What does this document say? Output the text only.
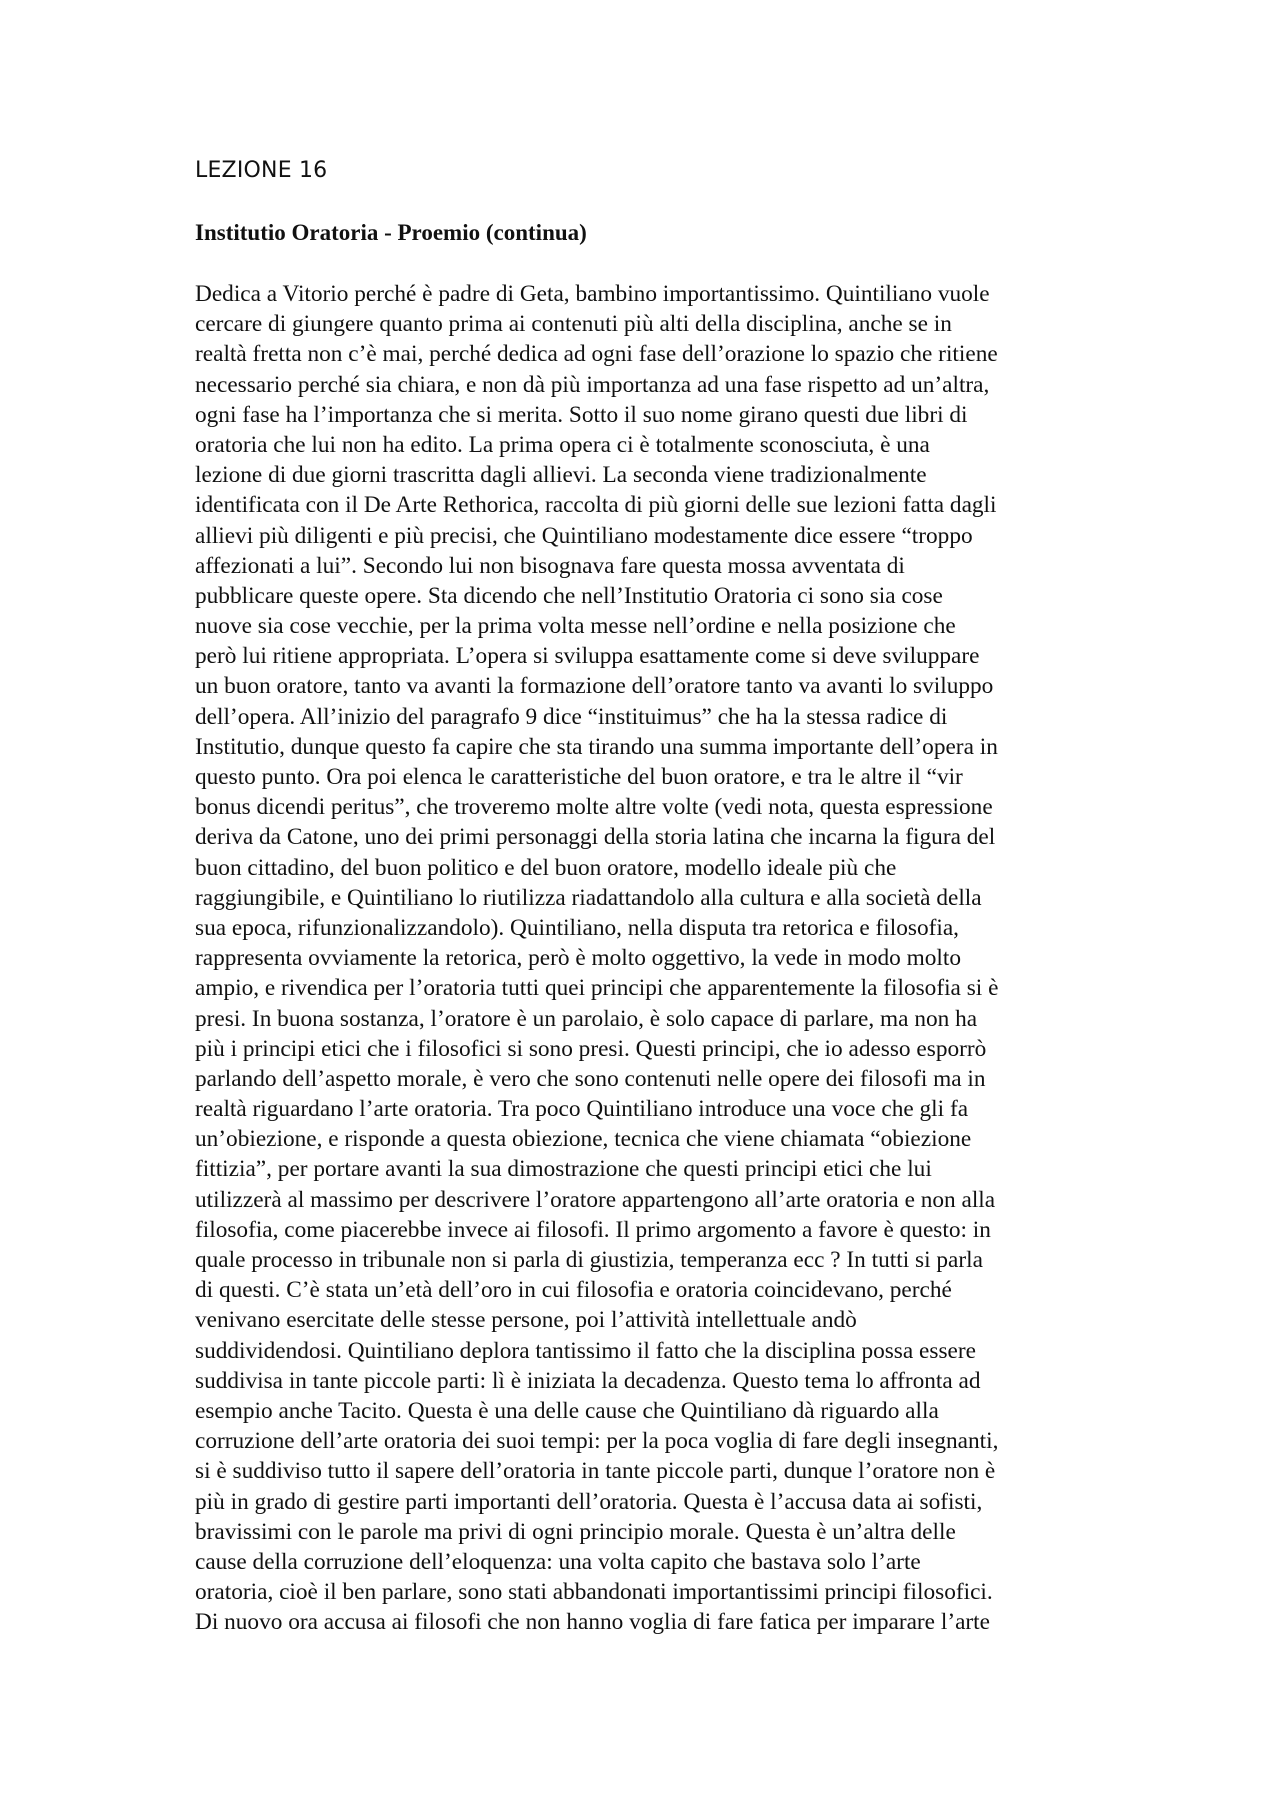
LEZIONE 16

Institutio Oratoria - Proemio (continua)

Dedica a Vitorio perché è padre di Geta, bambino importantissimo. Quintiliano vuole
cercare di giungere quanto prima ai contenuti più alti della disciplina, anche se in
realtà fretta non c’è mai, perché dedica ad ogni fase dell’orazione lo spazio che ritiene
necessario perché sia chiara, e non dà più importanza ad una fase rispetto ad un’altra,
ogni fase ha l’importanza che si merita. Sotto il suo nome girano questi due libri di
oratoria che lui non ha edito. La prima opera ci è totalmente sconosciuta, è una
lezione di due giorni trascritta dagli allievi. La seconda viene tradizionalmente
identificata con il De Arte Rethorica, raccolta di più giorni delle sue lezioni fatta dagli
allievi più diligenti e più precisi, che Quintiliano modestamente dice essere “troppo
affezionati a lui”. Secondo lui non bisognava fare questa mossa avventata di
pubblicare queste opere. Sta dicendo che nell’Institutio Oratoria ci sono sia cose
nuove sia cose vecchie, per la prima volta messe nell’ordine e nella posizione che
però lui ritiene appropriata. L’opera si sviluppa esattamente come si deve sviluppare
un buon oratore, tanto va avanti la formazione dell’oratore tanto va avanti lo sviluppo
dell’opera. All’inizio del paragrafo 9 dice “instituimus” che ha la stessa radice di
Institutio, dunque questo fa capire che sta tirando una summa importante dell’opera in
questo punto. Ora poi elenca le caratteristiche del buon oratore, e tra le altre il “vir
bonus dicendi peritus”, che troveremo molte altre volte (vedi nota, questa espressione
deriva da Catone, uno dei primi personaggi della storia latina che incarna la figura del
buon cittadino, del buon politico e del buon oratore, modello ideale più che
raggiungibile, e Quintiliano lo riutilizza riadattandolo alla cultura e alla società della
sua epoca, rifunzionalizzandolo). Quintiliano, nella disputa tra retorica e filosofia,
rappresenta ovviamente la retorica, però è molto oggettivo, la vede in modo molto
ampio, e rivendica per l’oratoria tutti quei principi che apparentemente la filosofia si è
presi. In buona sostanza, l’oratore è un parolaio, è solo capace di parlare, ma non ha
più i principi etici che i filosofici si sono presi. Questi principi, che io adesso esporrò
parlando dell’aspetto morale, è vero che sono contenuti nelle opere dei filosofi ma in
realtà riguardano l’arte oratoria. Tra poco Quintiliano introduce una voce che gli fa
un’obiezione, e risponde a questa obiezione, tecnica che viene chiamata “obiezione
fittizia”, per portare avanti la sua dimostrazione che questi principi etici che lui
utilizzerà al massimo per descrivere l’oratore appartengono all’arte oratoria e non alla
filosofia, come piacerebbe invece ai filosofi. Il primo argomento a favore è questo: in
quale processo in tribunale non si parla di giustizia, temperanza ecc ? In tutti si parla
di questi. C’è stata un’età dell’oro in cui filosofia e oratoria coincidevano, perché
venivano esercitate delle stesse persone, poi l’attività intellettuale andò
suddividendosi. Quintiliano deplora tantissimo il fatto che la disciplina possa essere
suddivisa in tante piccole parti: lì è iniziata la decadenza. Questo tema lo affronta ad
esempio anche Tacito. Questa è una delle cause che Quintiliano dà riguardo alla
corruzione dell’arte oratoria dei suoi tempi: per la poca voglia di fare degli insegnanti,
si è suddiviso tutto il sapere dell’oratoria in tante piccole parti, dunque l’oratore non è
più in grado di gestire parti importanti dell’oratoria. Questa è l’accusa data ai sofisti,
bravissimi con le parole ma privi di ogni principio morale. Questa è un’altra delle
cause della corruzione dell’eloquenza: una volta capito che bastava solo l’arte
oratoria, cioè il ben parlare, sono stati abbandonati importantissimi principi filosofici.
Di nuovo ora accusa ai filosofi che non hanno voglia di fare fatica per imparare l’arte
